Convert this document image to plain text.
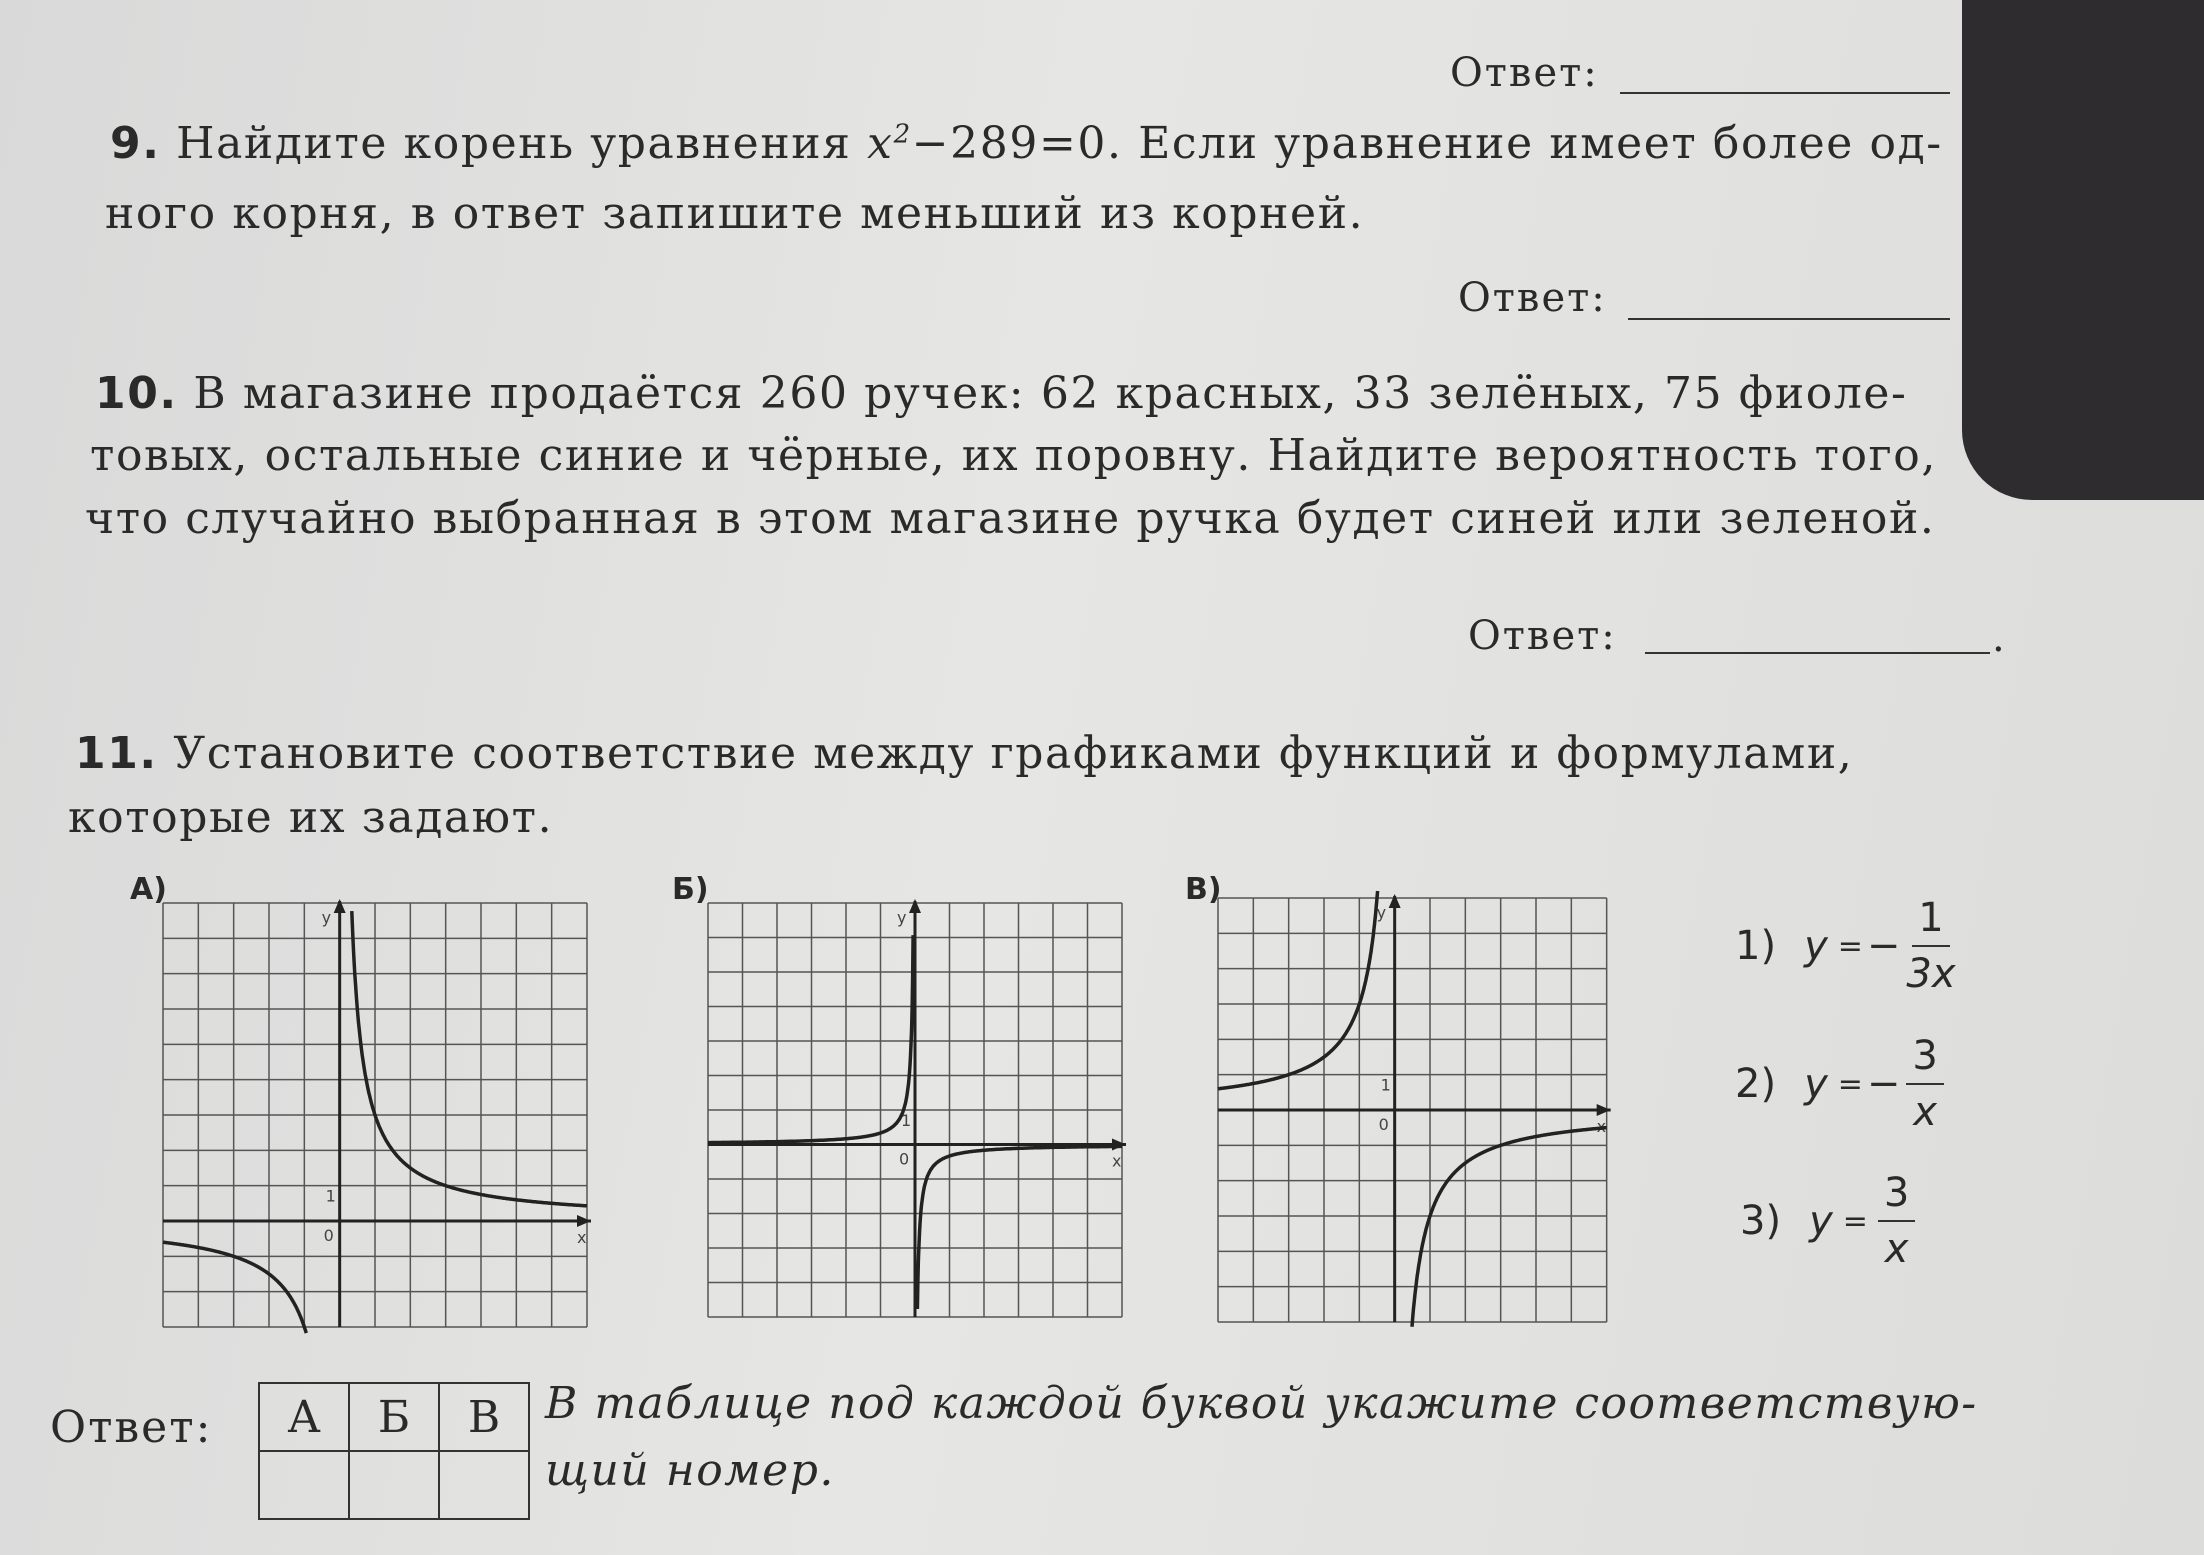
Ответ:
9. Найдите корень уравнения $x^2-289=0$. Если уравнение имеет более од-
ного корня, в ответ запишите меньший из корней.
Ответ:
10. В магазине продаётся 260 ручек: 62 красных, 33 зелёных, 75 фиоле-
товых, остальные синие и чёрные, их поровну. Найдите вероятность того,
что случайно выбранная в этом магазине ручка будет синей или зеленой.
Ответ:	.
11. Установите соответствие между графиками функций и формулами,
которые их задают.
А)
x
y
0
1
Б)
x
y
0
1
В)
x
y
0
1
1) y = − $\frac{1}{3x}$
2) y = − $\frac{3}{x}$
3) $y = \frac{3}{x}$
Ответ: А	Б	В
		В таблице под каждой буквой укажите соответствую-
щий номер.
